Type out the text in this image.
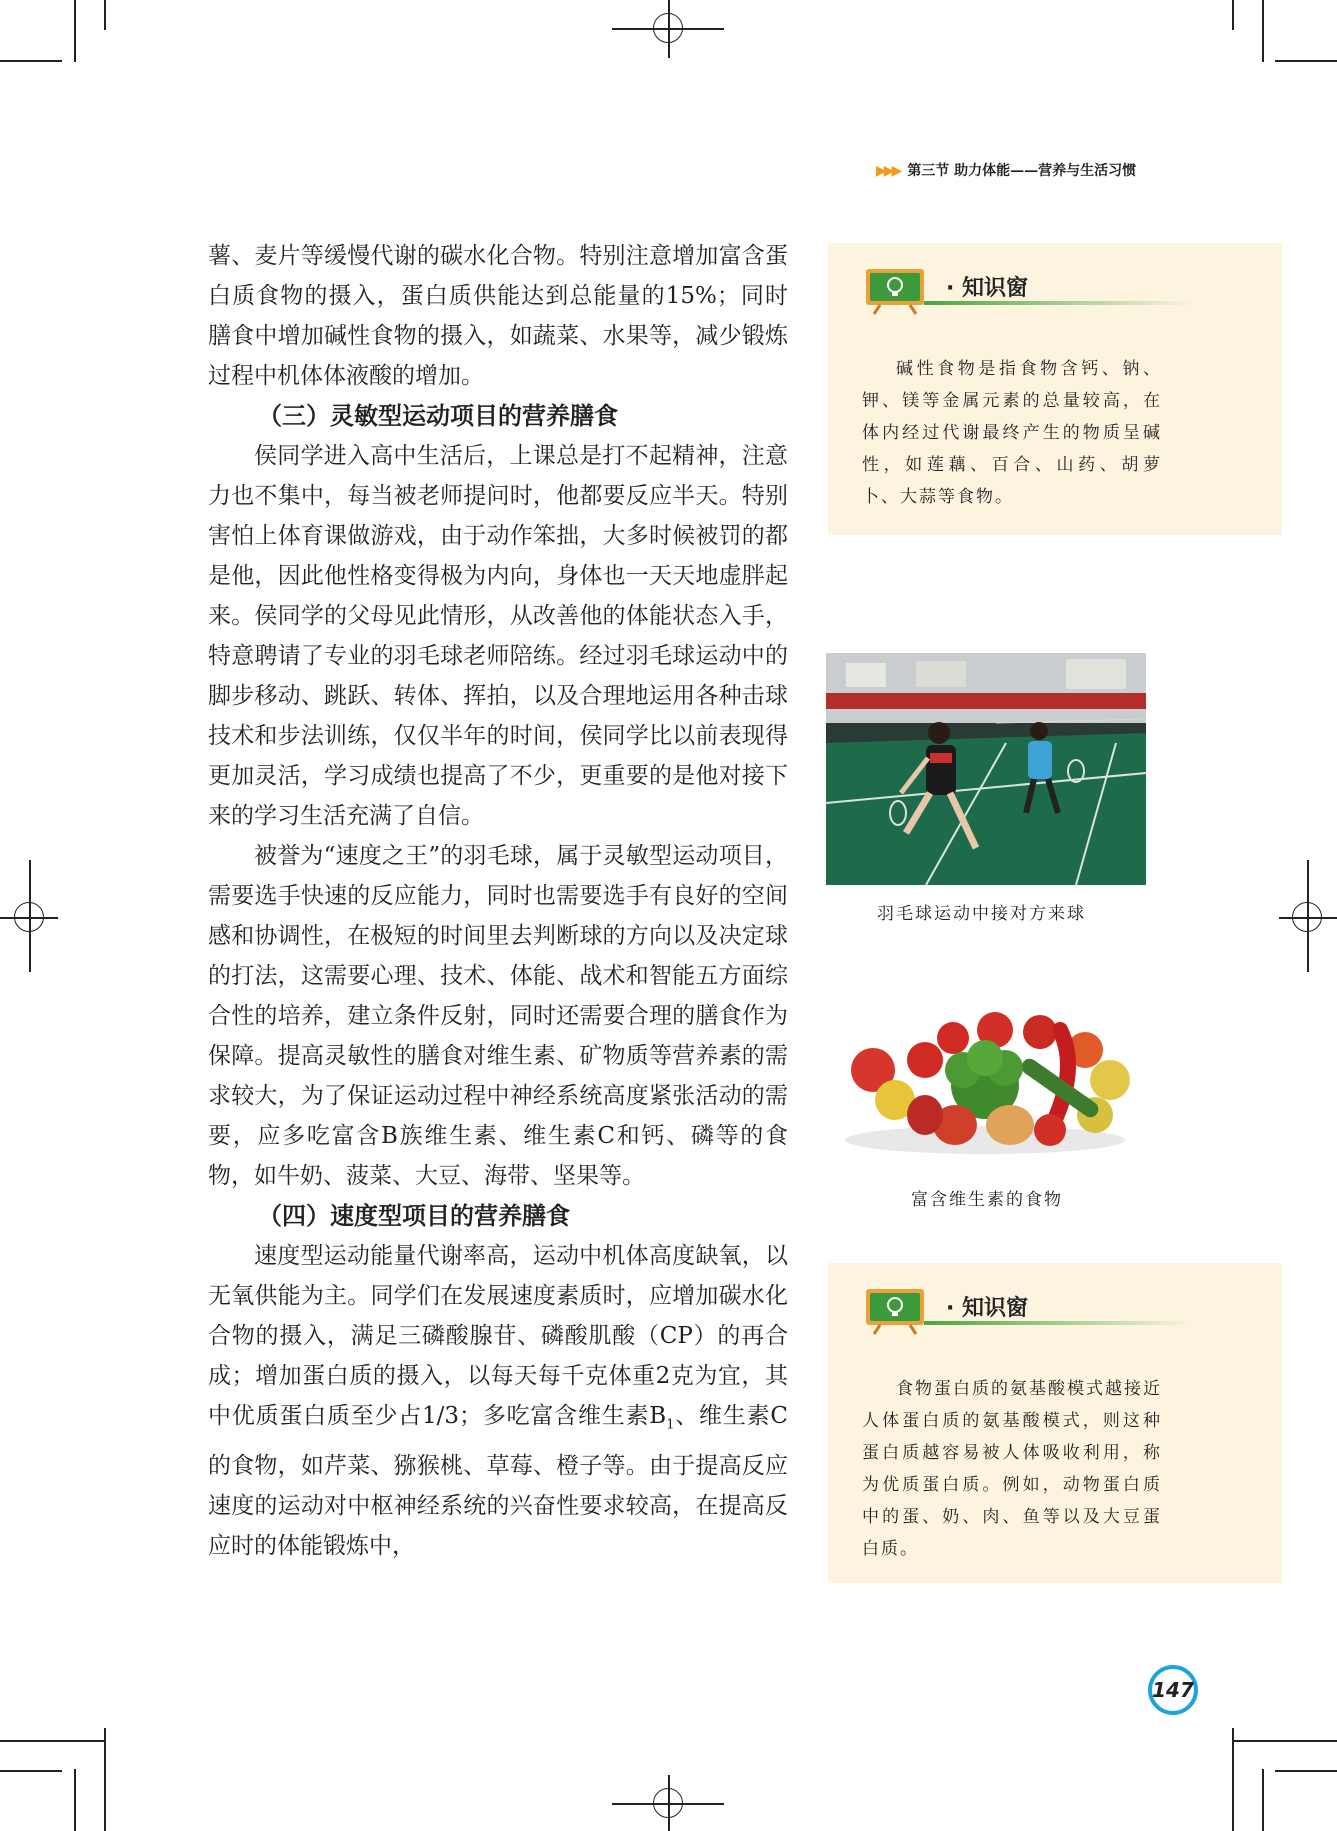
▶▶▶ 第三节 助力体能——营养与生活习惯

薯、麦片等缓慢代谢的碳水化合物。特别注意增加富含蛋白质食物的摄入，蛋白质供能达到总能量的15%；同时膳食中增加碱性食物的摄入，如蔬菜、水果等，减少锻炼过程中机体体液酸的增加。

（三）灵敏型运动项目的营养膳食

侯同学进入高中生活后，上课总是打不起精神，注意力也不集中，每当被老师提问时，他都要反应半天。特别害怕上体育课做游戏，由于动作笨拙，大多时候被罚的都是他，因此他性格变得极为内向，身体也一天天地虚胖起来。侯同学的父母见此情形，从改善他的体能状态入手，特意聘请了专业的羽毛球老师陪练。经过羽毛球运动中的脚步移动、跳跃、转体、挥拍，以及合理地运用各种击球技术和步法训练，仅仅半年的时间，侯同学比以前表现得更加灵活，学习成绩也提高了不少，更重要的是他对接下来的学习生活充满了自信。

被誉为“速度之王”的羽毛球，属于灵敏型运动项目，需要选手快速的反应能力，同时也需要选手有良好的空间感和协调性，在极短的时间里去判断球的方向以及决定球的打法，这需要心理、技术、体能、战术和智能五方面综合性的培养，建立条件反射，同时还需要合理的膳食作为保障。提高灵敏性的膳食对维生素、矿物质等营养素的需求较大，为了保证运动过程中神经系统高度紧张活动的需要，应多吃富含B族维生素、维生素C和钙、磷等的食物，如牛奶、菠菜、大豆、海带、坚果等。

（四）速度型项目的营养膳食

速度型运动能量代谢率高，运动中机体高度缺氧，以无氧供能为主。同学们在发展速度素质时，应增加碳水化合物的摄入，满足三磷酸腺苷、磷酸肌酸（CP）的再合成；增加蛋白质的摄入，以每天每千克体重2克为宜，其中优质蛋白质至少占1/3；多吃富含维生素$B_1$、维生素C的食物，如芹菜、猕猴桃、草莓、橙子等。由于提高反应速度的运动对中枢神经系统的兴奋性要求较高，在提高反应时的体能锻炼中，

· 知识窗

碱性食物是指食物含钙、钠、钾、镁等金属元素的总量较高，在体内经过代谢最终产生的物质呈碱性，如莲藕、百合、山药、胡萝卜、大蒜等食物。

羽毛球运动中接对方来球
富含维生素的食物
· 知识窗

食物蛋白质的氨基酸模式越接近人体蛋白质的氨基酸模式，则这种蛋白质越容易被人体吸收利用，称为优质蛋白质。例如，动物蛋白质中的蛋、奶、肉、鱼等以及大豆蛋白质。

147
